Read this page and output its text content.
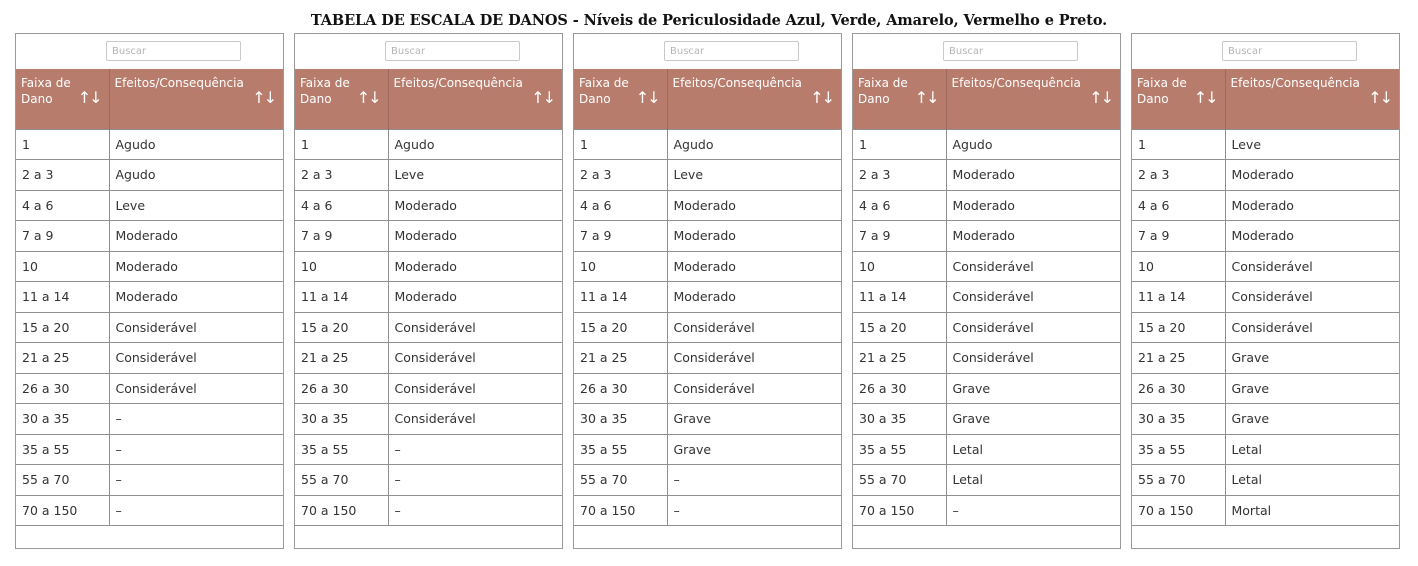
TABELA DE ESCALA DE DANOS - Níveis de Periculosidade Azul, Verde, Amarelo, Vermelho e Preto.
Buscar
Faixa de Dano ↑↓	Efeitos/Consequência
↑↓

1	Agudo
2 a 3	Agudo
4 a 6	Leve
7 a 9	Moderado
10	Moderado
11 a 14	Moderado
15 a 20	Considerável
21 a 25	Considerável
26 a 30	Considerável
30 a 35	–
35 a 55	–
55 a 70	–
70 a 150	–

Buscar
Faixa de Dano ↑↓	Efeitos/Consequência
↑↓

1	Agudo
2 a 3	Leve
4 a 6	Moderado
7 a 9	Moderado
10	Moderado
11 a 14	Moderado
15 a 20	Considerável
21 a 25	Considerável
26 a 30	Considerável
30 a 35	Considerável
35 a 55	–
55 a 70	–
70 a 150	–

Buscar
Faixa de Dano ↑↓	Efeitos/Consequência
↑↓

1	Agudo
2 a 3	Leve
4 a 6	Moderado
7 a 9	Moderado
10	Moderado
11 a 14	Moderado
15 a 20	Considerável
21 a 25	Considerável
26 a 30	Considerável
30 a 35	Grave
35 a 55	Grave
55 a 70	–
70 a 150	–

Buscar
Faixa de Dano ↑↓	Efeitos/Consequência
↑↓

1	Agudo
2 a 3	Moderado
4 a 6	Moderado
7 a 9	Moderado
10	Considerável
11 a 14	Considerável
15 a 20	Considerável
21 a 25	Considerável
26 a 30	Grave
30 a 35	Grave
35 a 55	Letal
55 a 70	Letal
70 a 150	–

Buscar
Faixa de Dano ↑↓	Efeitos/Consequência
↑↓

1	Leve
2 a 3	Moderado
4 a 6	Moderado
7 a 9	Moderado
10	Considerável
11 a 14	Considerável
15 a 20	Considerável
21 a 25	Grave
26 a 30	Grave
30 a 35	Grave
35 a 55	Letal
55 a 70	Letal
70 a 150	Mortal
